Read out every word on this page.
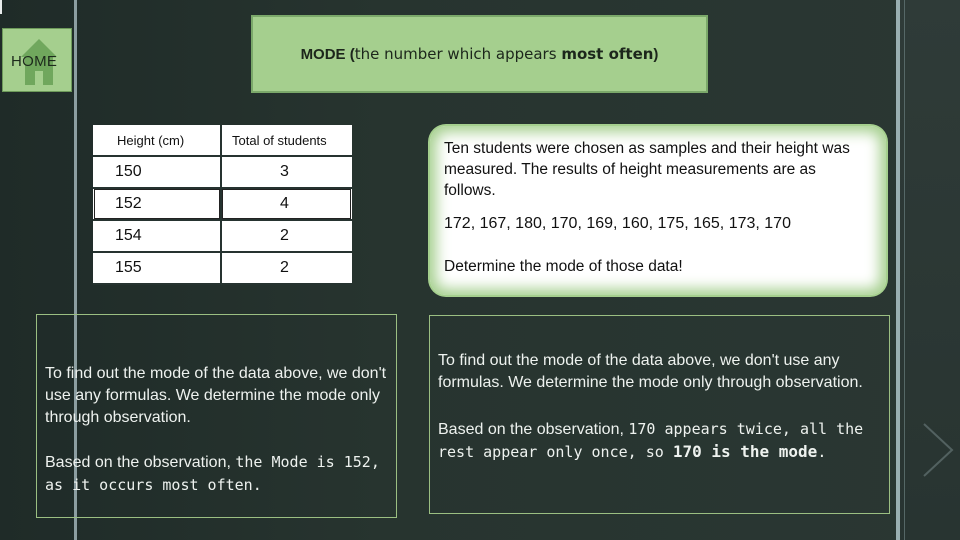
HOME	MODE (the number which appears most often)
Height (cm)	Total of students
150	3
152	4
154	2
155	2
Ten students were chosen as samples and their height was measured. The results of height measurements are as follows.
172, 167, 180, 170, 169, 160, 175, 165, 173, 170
Determine the mode of those data!
To find out the mode of the data above, we don't use any formulas. We determine the mode only through observation.
Based on the observation, the Mode is 152, as it occurs most often.
To find out the mode of the data above, we don't use any formulas. We determine the mode only through observation.
Based on the observation, 170 appears twice, all the rest appear only once, so 170 is the mode.
